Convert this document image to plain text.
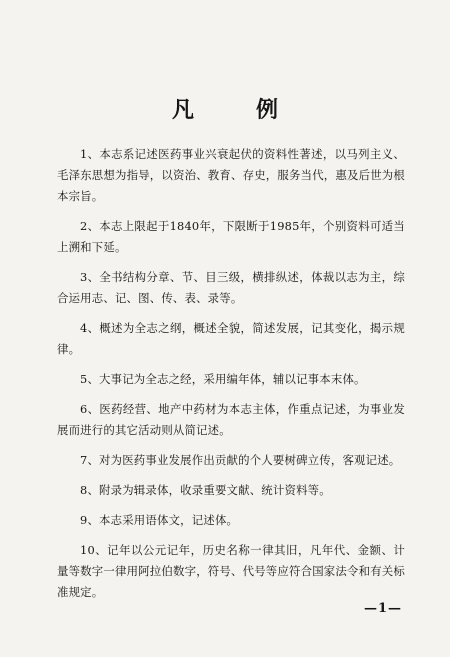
凡　例

1、本志系记述医药事业兴衰起伏的资料性著述，以马列主义、毛泽东思想为指导，以资治、教育、存史，服务当代，惠及后世为根本宗旨。

2、本志上限起于1840年，下限断于1985年，个别资料可适当上溯和下延。

3、全书结构分章、节、目三级，横排纵述，体裁以志为主，综合运用志、记、图、传、表、录等。

4、概述为全志之纲，概述全貌，简述发展，记其变化，揭示规律。

5、大事记为全志之经，采用编年体，辅以记事本末体。

6、医药经营、地产中药材为本志主体，作重点记述，为事业发展而进行的其它活动则从简记述。

7、对为医药事业发展作出贡献的个人要树碑立传，客观记述。

8、附录为辑录体，收录重要文献、统计资料等。

9、本志采用语体文，记述体。

10、记年以公元记年，历史名称一律其旧，凡年代、金额、计量等数字一律用阿拉伯数字，符号、代号等应符合国家法令和有关标准规定。

—1—
